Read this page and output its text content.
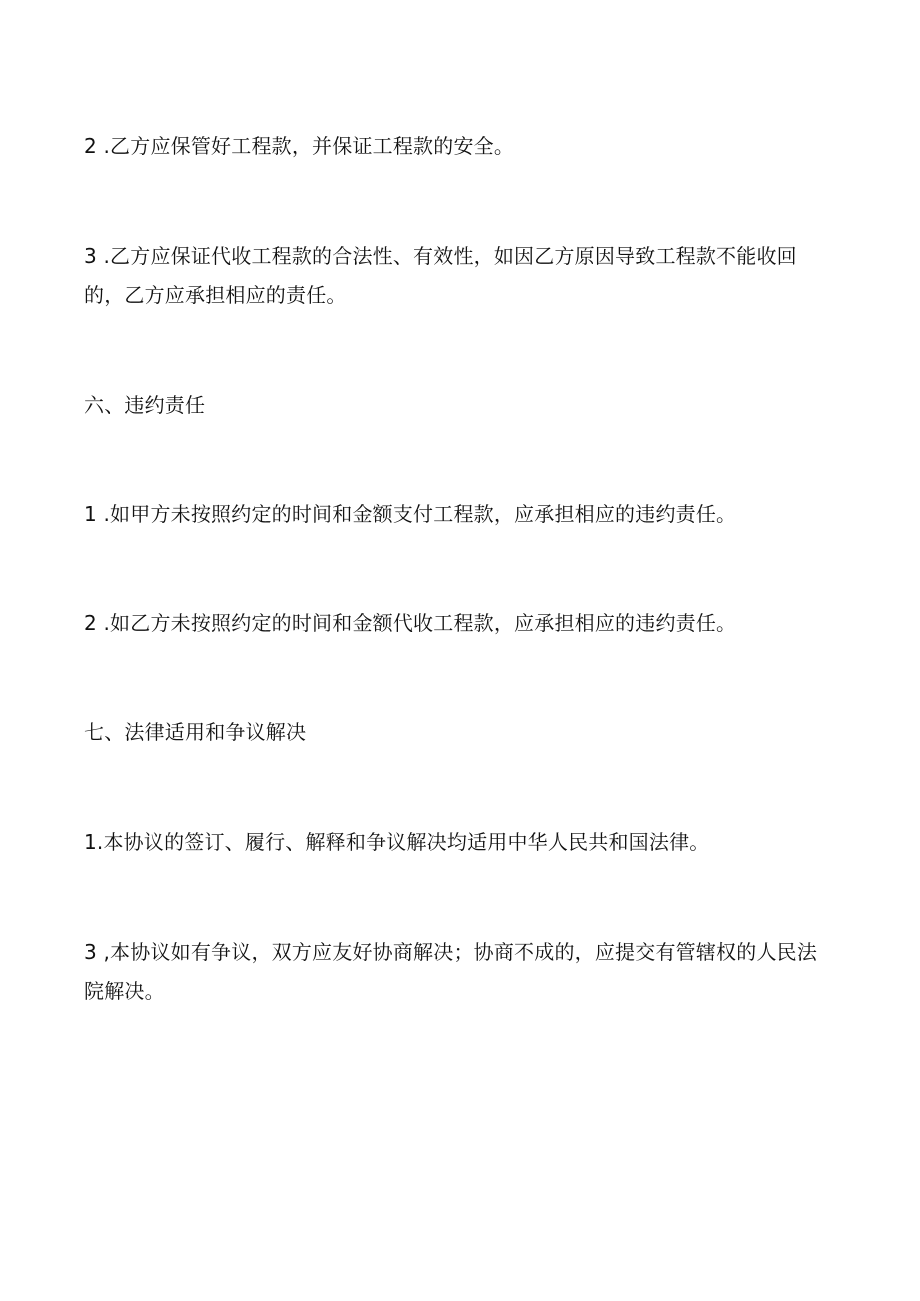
2 .乙方应保管好工程款，并保证工程款的安全。
3 .乙方应保证代收工程款的合法性、有效性，如因乙方原因导致工程款不能收回
的，乙方应承担相应的责任。
六、违约责任
1 .如甲方未按照约定的时间和金额支付工程款，应承担相应的违约责任。
2 .如乙方未按照约定的时间和金额代收工程款，应承担相应的违约责任。
七、法律适用和争议解决
1.本协议的签订、履行、解释和争议解决均适用中华人民共和国法律。
3 ,本协议如有争议，双方应友好协商解决；协商不成的，应提交有管辖权的人民法
院解决。
